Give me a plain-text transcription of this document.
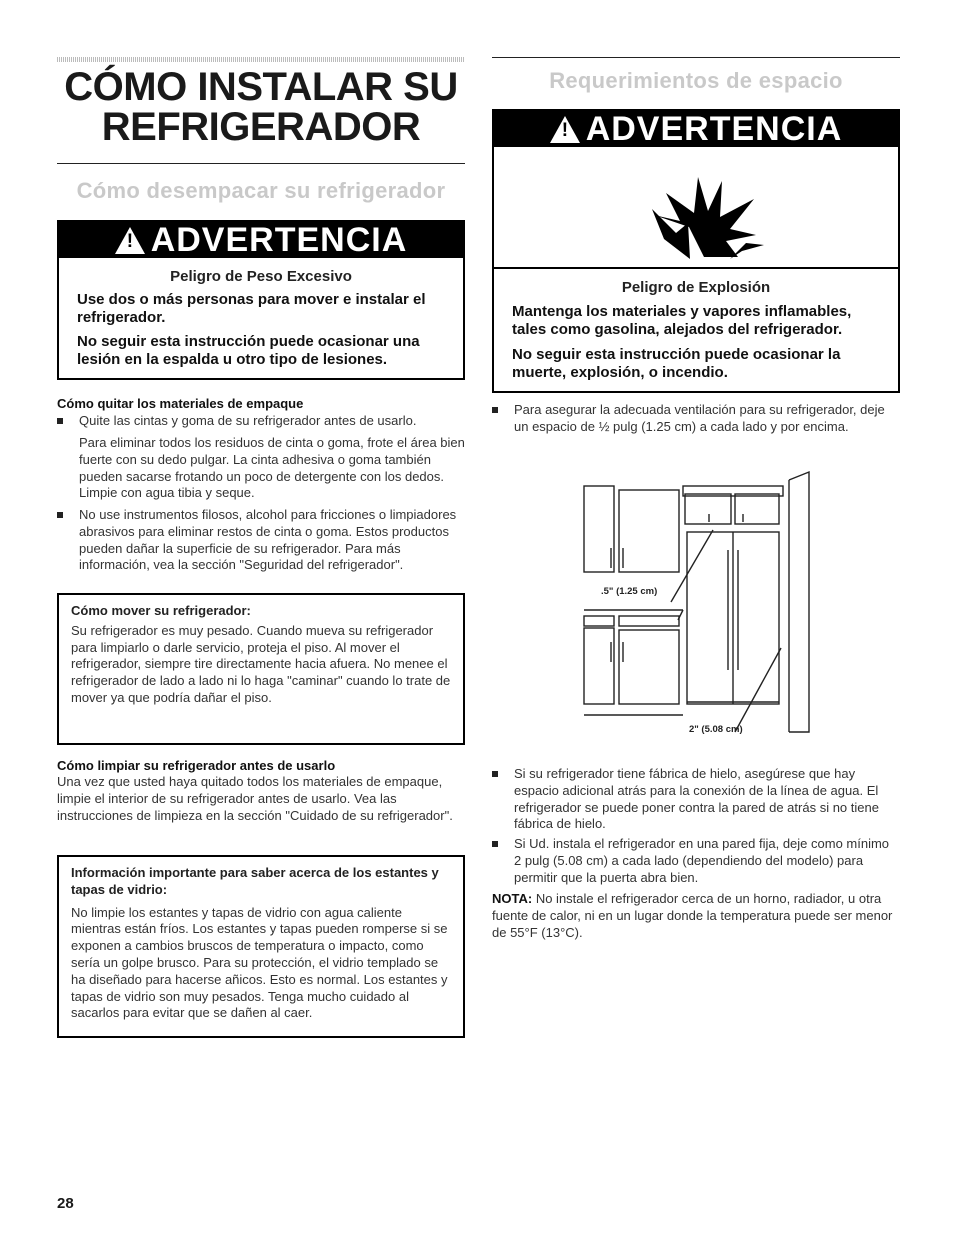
CÓMO INSTALAR SU
REFRIGERADOR
Cómo desempacar su refrigerador
! ADVERTENCIA
Peligro de Peso Excesivo
Use dos o más personas para mover e instalar el refrigerador.
No seguir esta instrucción puede ocasionar una lesión en la espalda u otro tipo de lesiones.
Cómo quitar los materiales de empaque
Quite las cintas y goma de su refrigerador antes de usarlo.
Para eliminar todos los residuos de cinta o goma, frote el área bien fuerte con su dedo pulgar. La cinta adhesiva o goma también pueden sacarse frotando un poco de detergente con los dedos. Limpie con agua tibia y seque.
No use instrumentos filosos, alcohol para fricciones o limpiadores abrasivos para eliminar restos de cinta o goma. Estos productos pueden dañar la superficie de su refrigerador. Para más información, vea la sección "Seguridad del refrigerador".
Cómo mover su refrigerador:
Su refrigerador es muy pesado. Cuando mueva su refrigerador para limpiarlo o darle servicio, proteja el piso. Al mover el refrigerador, siempre tire directamente hacia afuera. No menee el refrigerador de lado a lado ni lo haga "caminar" cuando lo trate de mover ya que podría dañar el piso.
Cómo limpiar su refrigerador antes de usarlo
Una vez que usted haya quitado todos los materiales de empaque, limpie el interior de su refrigerador antes de usarlo. Vea las instrucciones de limpieza en la sección "Cuidado de su refrigerador".
Información importante para saber acerca de los estantes y tapas de vidrio:
No limpie los estantes y tapas de vidrio con agua caliente mientras están fríos. Los estantes y tapas pueden romperse si se exponen a cambios bruscos de temperatura o impacto, como sería un golpe brusco. Para su protección, el vidrio templado se ha diseñado para hacerse añicos. Esto es normal. Los estantes y tapas de vidrio son muy pesados. Tenga mucho cuidado al sacarlos para evitar que se dañen al caer.
Requerimientos de espacio
! ADVERTENCIA
Peligro de Explosión
Mantenga los materiales y vapores inflamables, tales como gasolina, alejados del refrigerador.
No seguir esta instrucción puede ocasionar la muerte, explosión, o incendio.
Para asegurar la adecuada ventilación para su refrigerador, deje un espacio de ½ pulg (1.25 cm) a cada lado y por encima.
.5" (1.25 cm)
2" (5.08 cm)
Si su refrigerador tiene fábrica de hielo, asegúrese que hay espacio adicional atrás para la conexión de la línea de agua. El refrigerador se puede poner contra la pared de atrás si no tiene fábrica de hielo.
Si Ud. instala el refrigerador en una pared fija, deje como mínimo 2 pulg (5.08 cm) a cada lado (dependiendo del modelo) para permitir que la puerta abra bien.
NOTA: No instale el refrigerador cerca de un horno, radiador, u otra fuente de calor, ni en un lugar donde la temperatura puede ser menor de 55°F (13°C).
28
